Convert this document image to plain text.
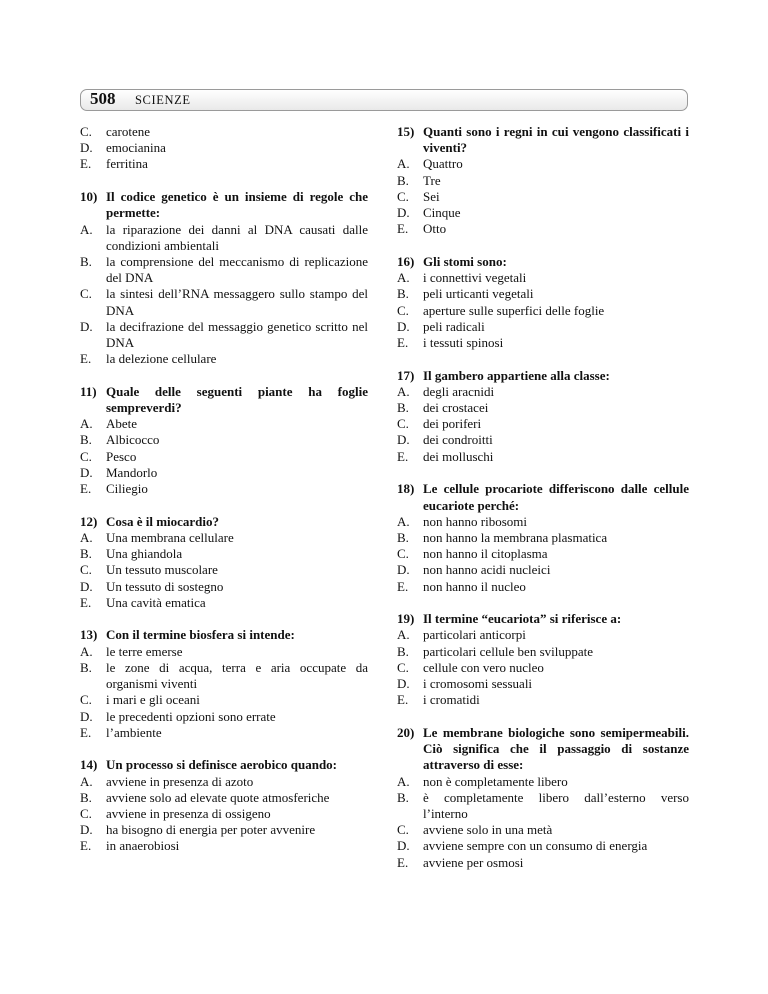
508 SCIENZE
C.	carotene
D.	emocianina
E.	ferritina
10) Il codice genetico è un insieme di regole che permette:
A.	la riparazione dei danni al DNA causati dalle condizioni ambientali
B.	la comprensione del meccanismo di replicazione del DNA
C.	la sintesi dell’RNA messaggero sullo stampo del DNA
D.	la decifrazione del messaggio genetico scritto nel DNA
E.	la delezione cellulare
11) Quale delle seguenti piante ha foglie sempreverdi?
A.	Abete
B.	Albicocco
C.	Pesco
D.	Mandorlo
E.	Ciliegio
12) Cosa è il miocardio?
A.	Una membrana cellulare
B.	Una ghiandola
C.	Un tessuto muscolare
D.	Un tessuto di sostegno
E.	Una cavità ematica
13) Con il termine biosfera si intende:
A.	le terre emerse
B.	le zone di acqua, terra e aria occupate da organismi viventi
C.	i mari e gli oceani
D.	le precedenti opzioni sono errate
E.	l’ambiente
14) Un processo si definisce aerobico quando:
A.	avviene in presenza di azoto
B.	avviene solo ad elevate quote atmosferiche
C.	avviene in presenza di ossigeno
D.	ha bisogno di energia per poter avvenire
E.	in anaerobiosi
15) Quanti sono i regni in cui vengono classificati i viventi?
A.	Quattro
B.	Tre
C.	Sei
D.	Cinque
E.	Otto
16) Gli stomi sono:
A.	i connettivi vegetali
B.	peli urticanti vegetali
C.	aperture sulle superfici delle foglie
D.	peli radicali
E.	i tessuti spinosi
17) Il gambero appartiene alla classe:
A.	degli aracnidi
B.	dei crostacei
C.	dei poriferi
D.	dei condroitti
E.	dei molluschi
18) Le cellule procariote differiscono dalle cellule eucariote perché:
A.	non hanno ribosomi
B.	non hanno la membrana plasmatica
C.	non hanno il citoplasma
D.	non hanno acidi nucleici
E.	non hanno il nucleo
19) Il termine “eucariota” si riferisce a:
A.	particolari anticorpi
B.	particolari cellule ben sviluppate
C.	cellule con vero nucleo
D.	i cromosomi sessuali
E.	i cromatidi
20) Le membrane biologiche sono semipermeabili. Ciò significa che il passaggio di sostanze attraverso di esse:
A.	non è completamente libero
B.	è completamente libero dall’esterno verso l’interno
C.	avviene solo in una metà
D.	avviene sempre con un consumo di energia
E.	avviene per osmosi
